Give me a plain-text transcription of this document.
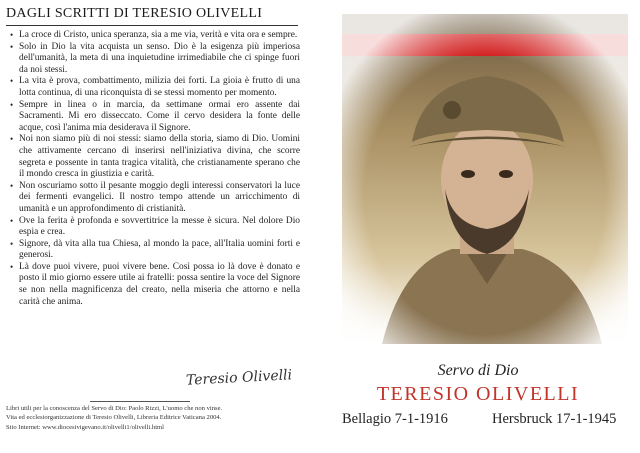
DAGLI SCRITTI DI TERESIO OLIVELLI
• La croce di Cristo, unica speranza, sia a me via, verità e vita ora e sempre.
• Solo in Dio la vita acquista un senso. Dio è la esigenza più imperiosa dell'umanità, la meta di una inquietudine irrimediabile che ci spinge fuori da noi stessi.
• La vita è prova, combattimento, milizia dei forti. La gioia è frutto di una lotta continua, di una riconquista di se stessi momento per momento.
• Sempre in linea o in marcia, da settimane ormai ero assente dai Sacramenti. Mi ero disseccato. Come il cervo desidera la fonte delle acque, così l'anima mia desiderava il Signore.
• Noi non siamo più di noi stessi: siamo della storia, siamo di Dio. Uomini che attivamente cercano di inserirsi nell'iniziativa divina, che scorre segreta e possente in tanta tragica vitalità, che cristianamente sperano che il mondo cresca in giustizia e carità.
• Non oscuriamo sotto il pesante moggio degli interessi conservatori la luce dei fermenti evangelici. Il nostro tempo attende un arricchimento di umanità e un approfondimento di cristianità.
• Ove la ferita è profonda e sovvertitrice la messe è sicura. Nel dolore Dio espia e crea.
• Signore, dà vita alla tua Chiesa, al mondo la pace, all'Italia uomini forti e generosi.
• Là dove puoi vivere, puoi vivere bene. Così possa io là dove è donato e posto il mio giorno essere utile ai fratelli: possa sentire la voce del Signore se non nella magnificenza del creato, nella miseria che attorno e nella carità che anima.
Teresio Olivelli
Libri utili per la conoscenza del Servo di Dio: Paolo Rizzi, L'uomo che non vinse.
Vita ed ecclesiorganizzazione di Teresio Olivelli, Libreria Editrice Vaticana 2004.
Sito Internet: www.diocesivigevano.it/olivelli1/olivelli.html
Servo di Dio
TERESIO OLIVELLI
Bellagio 7-1-1916	Hersbruck 17-1-1945
